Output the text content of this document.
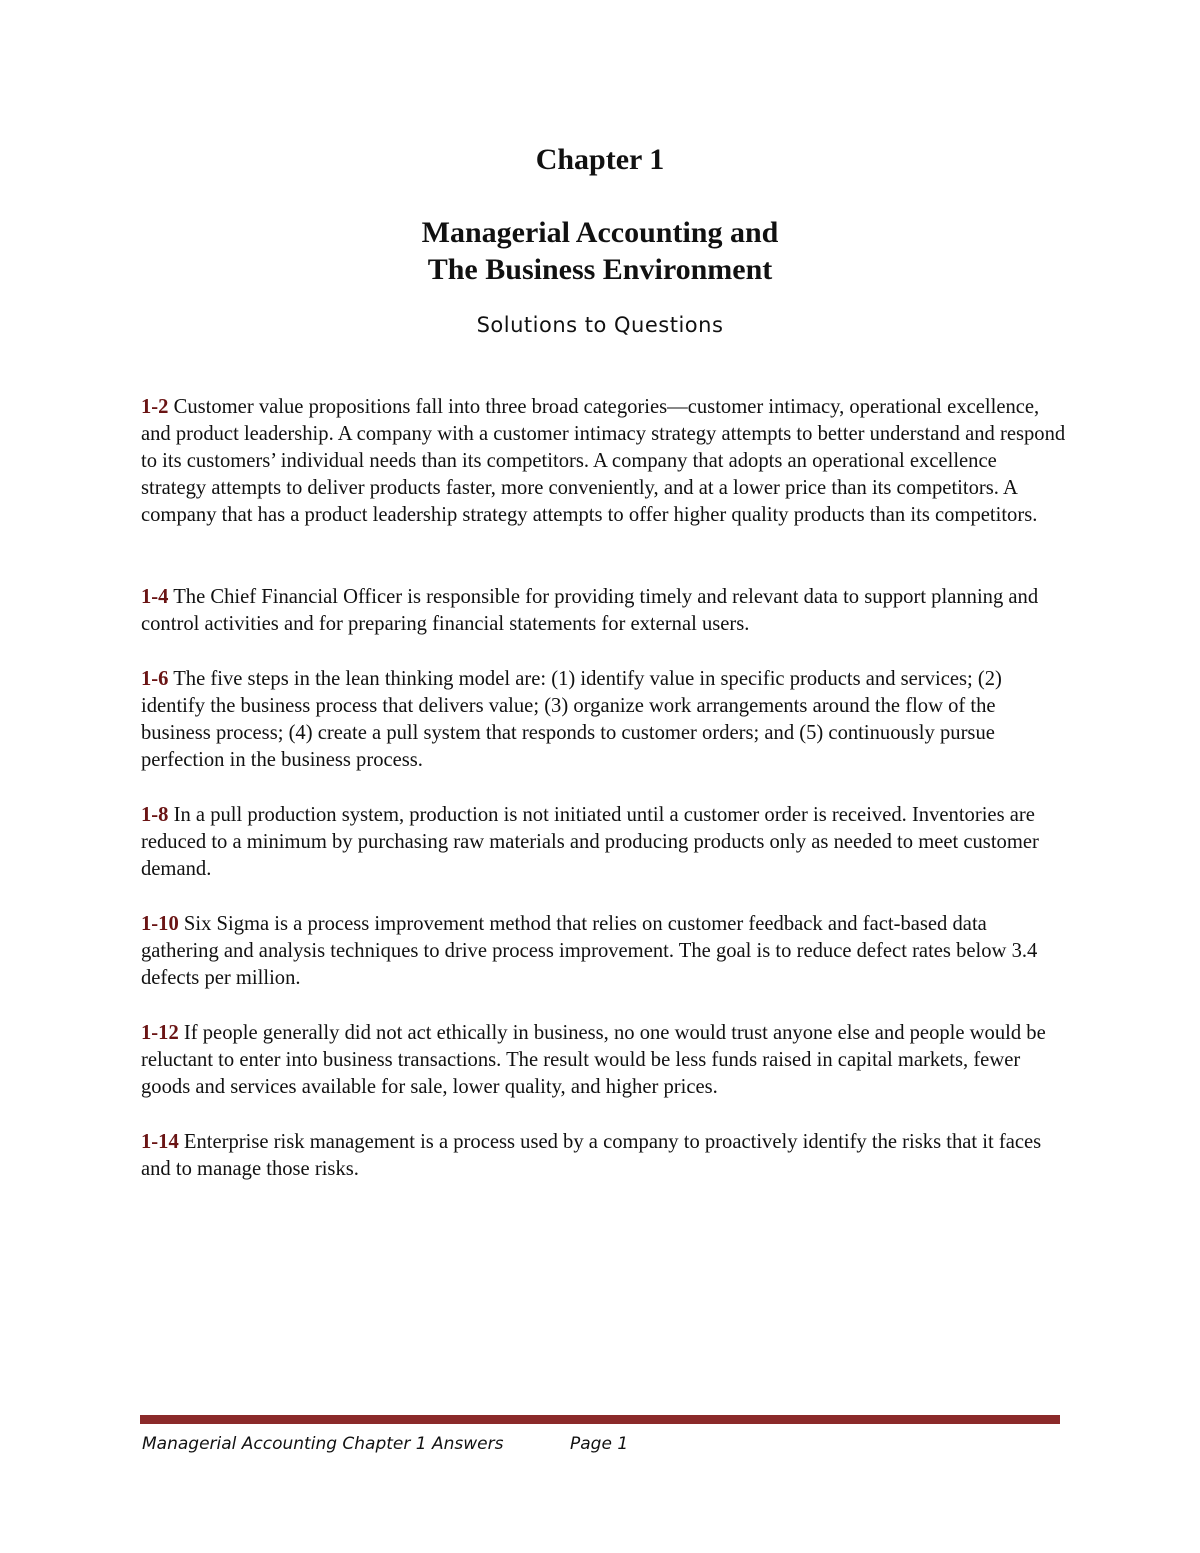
Chapter 1
Managerial Accounting and
The Business Environment
Solutions to Questions

1-2 Customer value propositions fall into three broad categories—customer intimacy, operational excellence, and product leadership. A company with a customer intimacy strategy attempts to better understand and respond to its customers’ individual needs than its competitors. A company that adopts an operational excellence strategy attempts to deliver products faster, more conveniently, and at a lower price than its competitors. A company that has a product leadership strategy attempts to offer higher quality products than its competitors.

1-4 The Chief Financial Officer is responsible for providing timely and relevant data to support planning and control activities and for preparing financial statements for external users.

1-6 The five steps in the lean thinking model are: (1) identify value in specific products and services; (2) identify the business process that delivers value; (3) organize work arrangements around the flow of the business process; (4) create a pull system that responds to customer orders; and (5) continuously pursue perfection in the business process.

1-8 In a pull production system, production is not initiated until a customer order is received. Inventories are reduced to a minimum by purchasing raw materials and producing products only as needed to meet customer demand.

1-10 Six Sigma is a process improvement method that relies on customer feedback and fact-based data gathering and analysis techniques to drive process improvement. The goal is to reduce defect rates below 3.4 defects per million.

1-12 If people generally did not act ethically in business, no one would trust anyone else and people would be reluctant to enter into business transactions. The result would be less funds raised in capital markets, fewer goods and services available for sale, lower quality, and higher prices.

1-14 Enterprise risk management is a process used by a company to proactively identify the risks that it faces and to manage those risks.

Managerial Accounting Chapter 1 Answers	Page 1
